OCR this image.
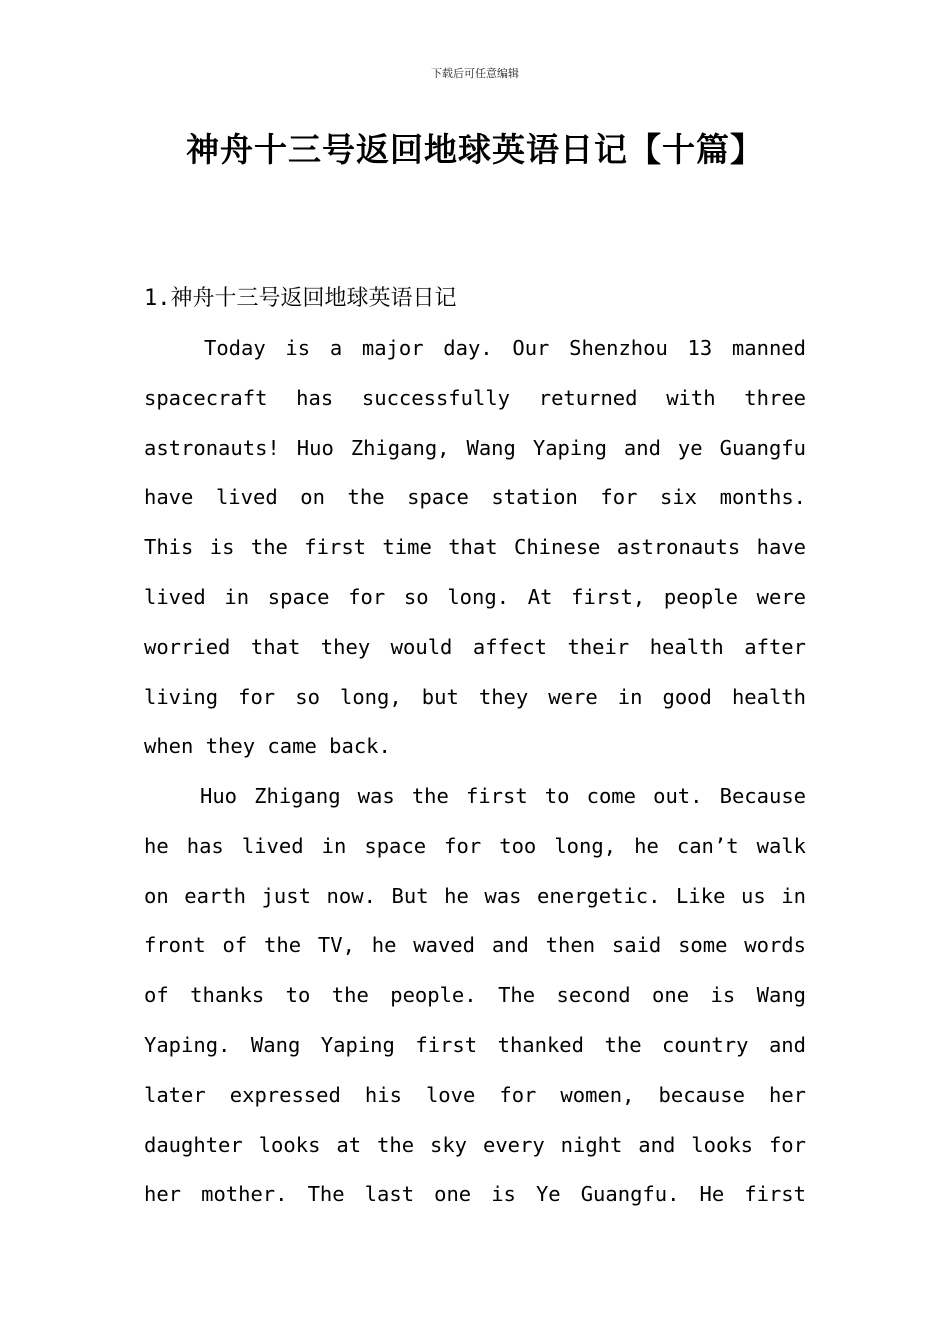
下载后可任意编辑
神舟十三号返回地球英语日记【十篇】
1.神舟十三号返回地球英语日记
Today is a major day. Our Shenzhou 13 manned
spacecraft has successfully returned with three
astronauts! Huo Zhigang, Wang Yaping and ye Guangfu
have lived on the space station for six months.
This is the first time that Chinese astronauts have
lived in space for so long. At first, people were
worried that they would affect their health after
living for so long, but they were in good health
when they came back.
Huo Zhigang was the first to come out. Because
he has lived in space for too long, he can’t walk
on earth just now. But he was energetic. Like us in
front of the TV, he waved and then said some words
of thanks to the people. The second one is Wang
Yaping. Wang Yaping first thanked the country and
later expressed his love for women, because her
daughter looks at the sky every night and looks for
her mother. The last one is Ye Guangfu. He first
